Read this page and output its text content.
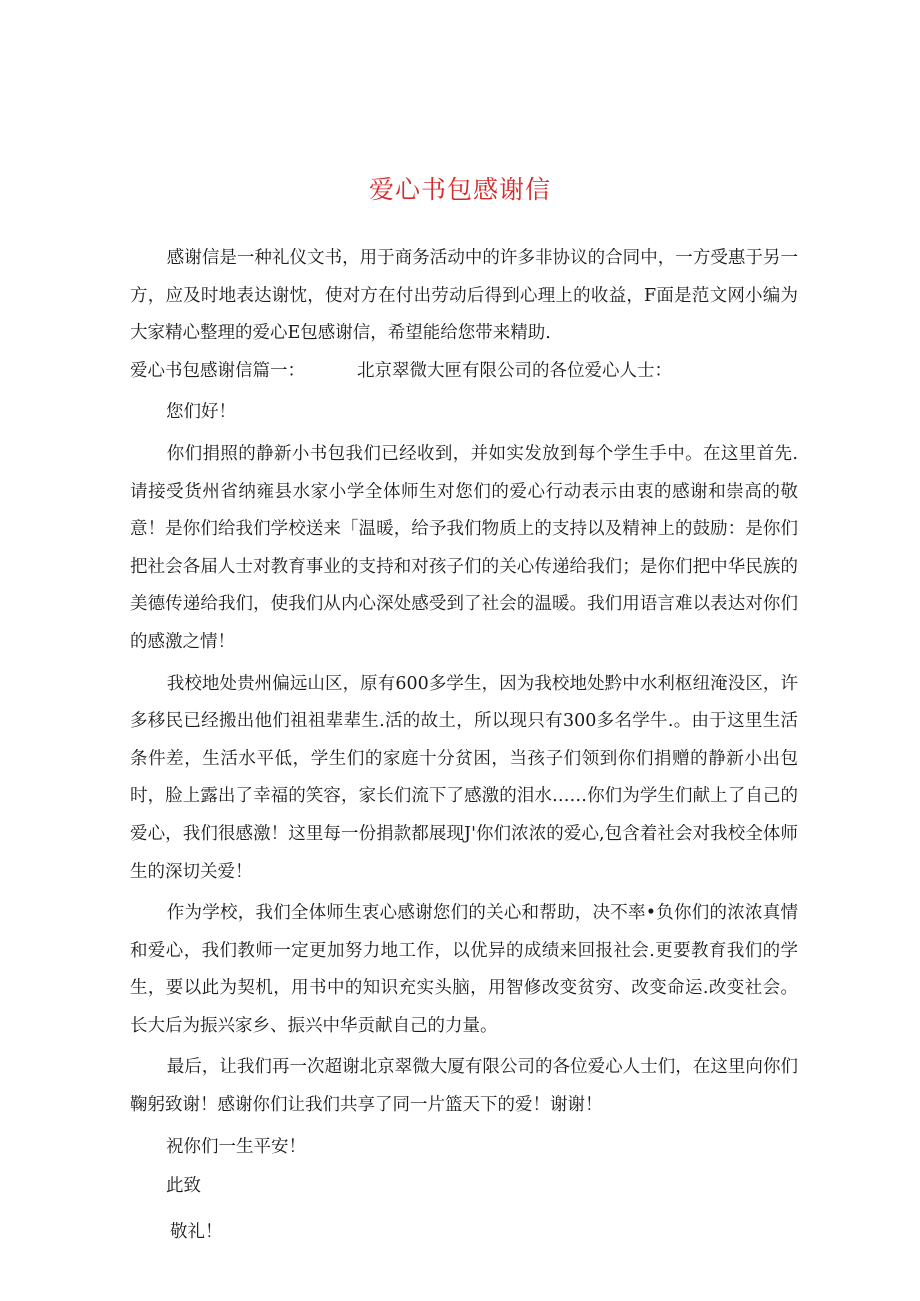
爱心书包感谢信

感谢信是一种礼仪文书，用于商务活动中的许多非协议的合同中，一方受惠于另一方，应及时地表达谢忱，使对方在付出劳动后得到心理上的收益，F面是范文网小编为大家精心整理的爱心E包感谢信，希望能给您带来精助.

爱心书包感谢信篇一：	北京翠微大匣有限公司的各位爱心人士：

您们好！

你们捐照的静新小书包我们已经收到，并如实发放到每个学生手中。在这里首先.请接受货州省纳雍县水家小学全体师生对您们的爱心行动表示由衷的感谢和崇高的敬意！是你们给我们学校送来「温暖，给予我们物质上的支持以及精神上的鼓励：是你们把社会各届人士对教育事业的支持和对孩子们的关心传递给我们；是你们把中华民族的美德传递给我们，使我们从内心深处感受到了社会的温暖。我们用语言难以表达对你们的感激之情！

我校地处贵州偏远山区，原有600多学生，因为我校地处黔中水利枢纽淹没区，许多移民已经搬出他们祖祖辈辈生.活的故土，所以现只有300多名学牛.。由于这里生活条件差，生活水平低，学生们的家庭十分贫困，当孩子们领到你们捐赠的静新小出包时，脸上露出了幸福的笑容，家长们流下了感激的泪水……你们为学生们献上了自己的爱心，我们很感激！这里每一份捐款都展现J'你们浓浓的爱心,包含着社会对我校全体师生的深切关爱！

作为学校，我们全体师生衷心感谢您们的关心和帮助，决不率•负你们的浓浓真情和爱心，我们教师一定更加努力地工作，以优异的成绩来回报社会.更要教育我们的学生，要以此为契机，用书中的知识充实头脑，用智修改变贫穷、改变命运.改变社会。长大后为振兴家乡、振兴中华贡献自己的力量。

最后，让我们再一次超谢北京翠微大厦有限公司的各位爱心人士们，在这里向你们鞠躬致谢！感谢你们让我们共享了同一片篮天下的爱！谢谢！

祝你们一生平安！

此致

敬礼！
